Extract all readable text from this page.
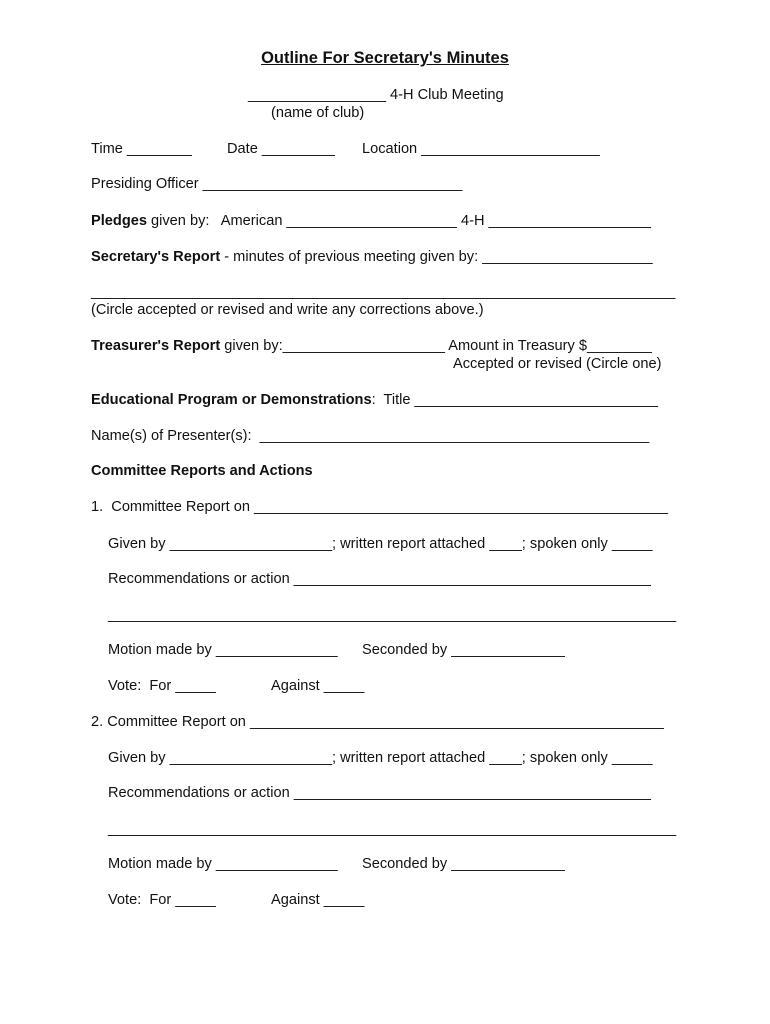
Outline For Secretary's Minutes
_________________ 4-H Club Meeting
(name of club)
Time ________ Date _________ Location ______________________
Presiding Officer ________________________________
Pledges given by:   American _____________________ 4-H ____________________
Secretary's Report - minutes of previous meeting given by: _____________________
________________________________________________________________________
(Circle accepted or revised and write any corrections above.)
Treasurer's Report given by:____________________ Amount in Treasury $________
Accepted or revised (Circle one)
Educational Program or Demonstrations:  Title ______________________________
Name(s) of Presenter(s):  ________________________________________________
Committee Reports and Actions
1.  Committee Report on ___________________________________________________
Given by ____________________; written report attached ____; spoken only _____
Recommendations or action ____________________________________________
______________________________________________________________________
Motion made by _______________ Seconded by ______________
Vote:  For _____	Against _____
2. Committee Report on ___________________________________________________
Given by ____________________; written report attached ____; spoken only _____
Recommendations or action ____________________________________________
______________________________________________________________________
Motion made by _______________ Seconded by ______________
Vote:  For _____	Against _____
